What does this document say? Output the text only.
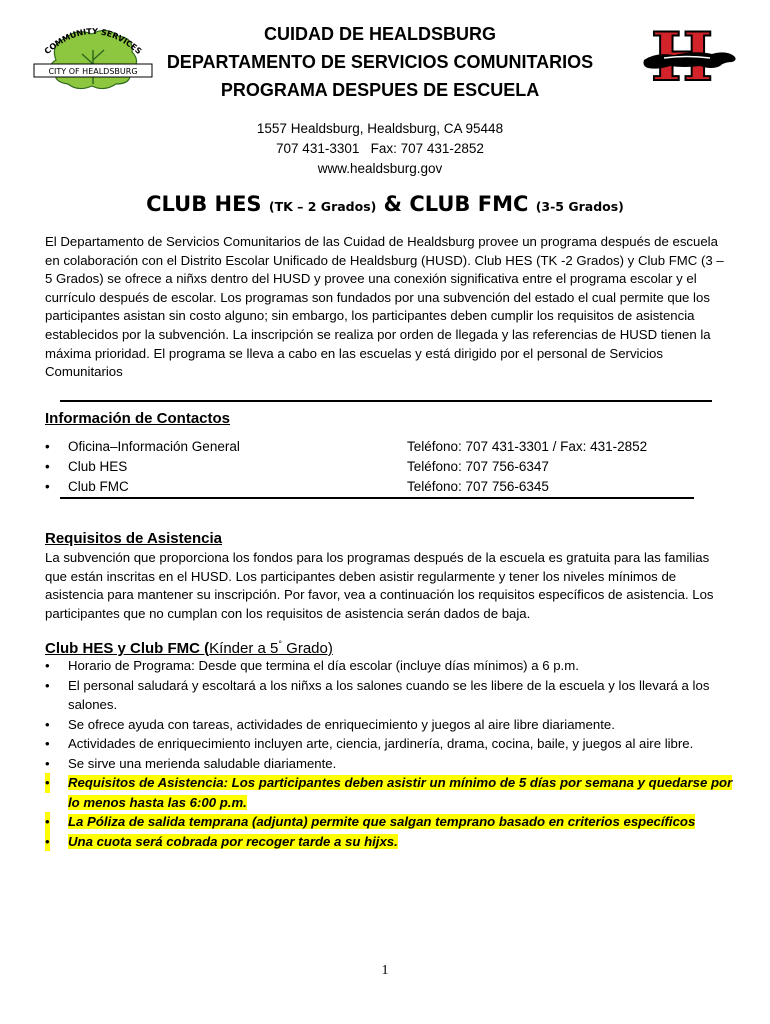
COMMUNITY SERVICES
CITY OF HEALDSBURG
CUIDAD DE HEALDSBURG
DEPARTAMENTO DE SERVICIOS COMUNITARIOS
PROGRAMA DESPUES DE ESCUELA
1557 Healdsburg, Healdsburg, CA 95448
707 431-3301   Fax: 707 431-2852
www.healdsburg.gov
CLUB HES (TK – 2 Grados) & CLUB FMC (3-5 Grados)
El Departamento de Servicios Comunitarios de las Cuidad de Healdsburg provee un programa después de escuela en colaboración con el Distrito Escolar Unificado de Healdsburg (HUSD). Club HES (TK -2 Grados) y Club FMC (3 – 5 Grados) se ofrece a niñxs dentro del HUSD y provee una conexión significativa entre el programa escolar y el currículo después de escolar. Los programas son fundados por una subvención del estado el cual permite que los participantes asistan sin costo alguno; sin embargo, los participantes deben cumplir los requisitos de asistencia establecidos por la subvención. La inscripción se realiza por orden de llegada y las referencias de HUSD tienen la máxima prioridad. El programa se lleva a cabo en las escuelas y está dirigido por el personal de Servicios Comunitarios
Información de Contactos
• Oficina–Información General	Teléfono: 707 431-3301 / Fax: 431-2852
• Club HES	Teléfono: 707 756-6347
• Club FMC	Teléfono: 707 756-6345
Requisitos de Asistencia
La subvención que proporciona los fondos para los programas después de la escuela es gratuita para las familias que están inscritas en el HUSD. Los participantes deben asistir regularmente y tener los niveles mínimos de asistencia para mantener su inscripción. Por favor, vea a continuación los requisitos específicos de asistencia. Los participantes que no cumplan con los requisitos de asistencia serán dados de baja.
Club HES y Club FMC (Kínder a 5° Grado)
• Horario de Programa: Desde que termina el día escolar (incluye días mínimos) a 6 p.m.
• El personal saludará y escoltará a los niñxs a los salones cuando se les libere de la escuela y los llevará a los salones.
• Se ofrece ayuda con tareas, actividades de enriquecimiento y juegos al aire libre diariamente.
• Actividades de enriquecimiento incluyen arte, ciencia, jardinería, drama, cocina, baile, y juegos al aire libre.
• Se sirve una merienda saludable diariamente.
• Requisitos de Asistencia: Los participantes deben asistir un mínimo de 5 días por semana y quedarse por lo menos hasta las 6:00 p.m.
• La Póliza de salida temprana (adjunta) permite que salgan temprano basado en criterios específicos
• Una cuota será cobrada por recoger tarde a su hijxs.
1
